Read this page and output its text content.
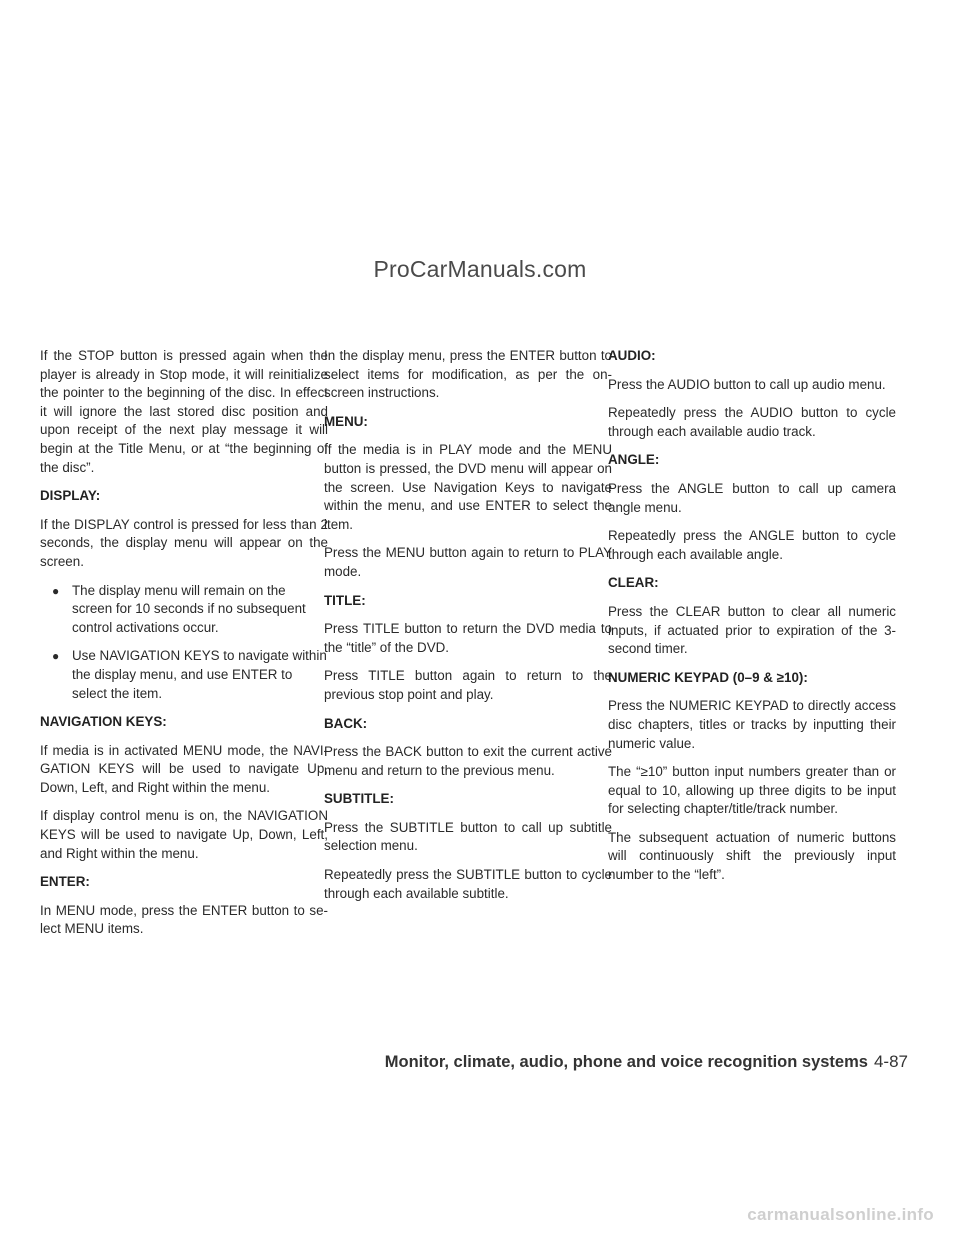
ProCarManuals.com

If the STOP button is pressed again when the player is already in Stop mode, it will reinitialize the pointer to the beginning of the disc. In effect it will ignore the last stored disc position and upon receipt of the next play message it will begin at the Title Menu, or at “the beginning of the disc”.

DISPLAY:

If the DISPLAY control is pressed for less than 2 seconds, the display menu will appear on the screen.

● The display menu will remain on the screen for 10 seconds if no subsequent control activations occur.
● Use NAVIGATION KEYS to navigate within the display menu, and use ENTER to select the item.
NAVIGATION KEYS:

If media is in activated MENU mode, the NAVI- GATION KEYS will be used to navigate Up, Down, Left, and Right within the menu.

If display control menu is on, the NAVIGATION KEYS will be used to navigate Up, Down, Left, and Right within the menu.

ENTER:

In MENU mode, press the ENTER button to se- lect MENU items.

In the display menu, press the ENTER button to select items for modification, as per the on- screen instructions.

MENU:

If the media is in PLAY mode and the MENU button is pressed, the DVD menu will appear on the screen. Use Navigation Keys to navigate within the menu, and use ENTER to select the item.

Press the MENU button again to return to PLAY mode.

TITLE:

Press TITLE button to return the DVD media to the “title” of the DVD.

Press TITLE button again to return to the previous stop point and play.

BACK:

Press the BACK button to exit the current active menu and return to the previous menu.

SUBTITLE:

Press the SUBTITLE button to call up subtitle selection menu.

Repeatedly press the SUBTITLE button to cycle through each available subtitle.

AUDIO:

Press the AUDIO button to call up audio menu.

Repeatedly press the AUDIO button to cycle through each available audio track.

ANGLE:

Press the ANGLE button to call up camera angle menu.

Repeatedly press the ANGLE button to cycle through each available angle.

CLEAR:

Press the CLEAR button to clear all numeric inputs, if actuated prior to expiration of the 3-second timer.

NUMERIC KEYPAD (0–9 & ≥10):

Press the NUMERIC KEYPAD to directly access disc chapters, titles or tracks by inputting their numeric value.

The “≥10” button input numbers greater than or equal to 10, allowing up three digits to be input for selecting chapter/title/track number.

The subsequent actuation of numeric buttons will continuously shift the previously input number to the “left”.

Monitor, climate, audio, phone and voice recognition systems 4-87
carmanualsonline.info
